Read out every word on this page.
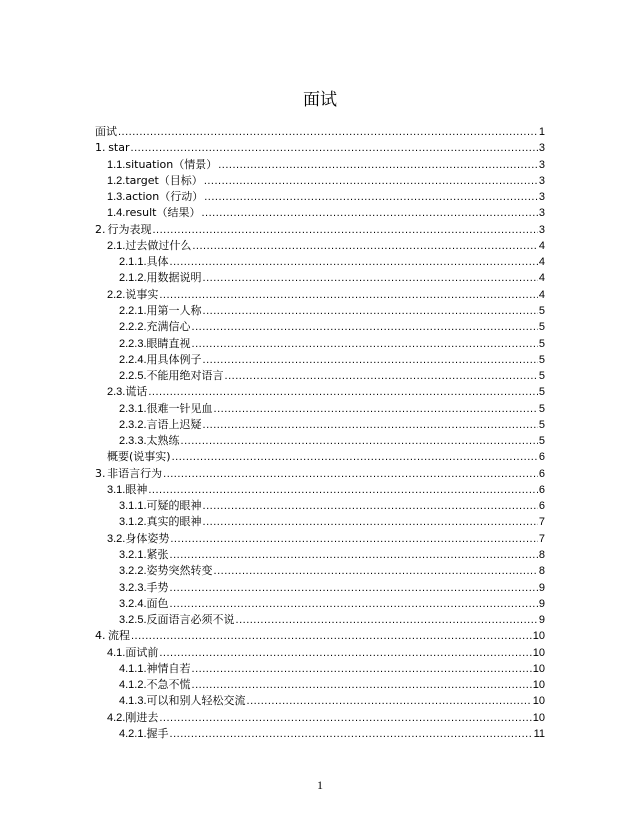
面试
面试 .....	1
1. star .....	3
1.1. situation（情景） .....	3
1.2. target（目标） .....	3
1.3. action（行动） .....	3
1.4. result（结果） .....	3
2. 行为表现 .....	3
2.1. 过去做过什么 .....	4
2.1.1. 具体 .....	4
2.1.2. 用数据说明 .....	4
2.2. 说事实 .....	4
2.2.1. 用第一人称 .....	5
2.2.2. 充满信心 .....	5
2.2.3. 眼睛直视 .....	5
2.2.4. 用具体例子 .....	5
2.2.5. 不能用绝对语言 .....	5
2.3. 谎话 .....	5
2.3.1. 很难一针见血 .....	5
2.3.2. 言语上迟疑 .....	5
2.3.3. 太熟练 .....	5
概要(说事实) .....	6
3. 非语言行为 .....	6
3.1. 眼神 .....	6
3.1.1. 可疑的眼神 .....	6
3.1.2. 真实的眼神 .....	7
3.2. 身体姿势 .....	7
3.2.1. 紧张 .....	8
3.2.2. 姿势突然转变 .....	8
3.2.3. 手势 .....	9
3.2.4. 面色 .....	9
3.2.5. 反面语言必须不说 .....	9
4. 流程 .....	10
4.1. 面试前 .....	10
4.1.1. 神情自若 .....	10
4.1.2. 不急不慌 .....	10
4.1.3. 可以和别人轻松交流 .....	10
4.2. 刚进去 .....	10
4.2.1. 握手 .....	11
1
